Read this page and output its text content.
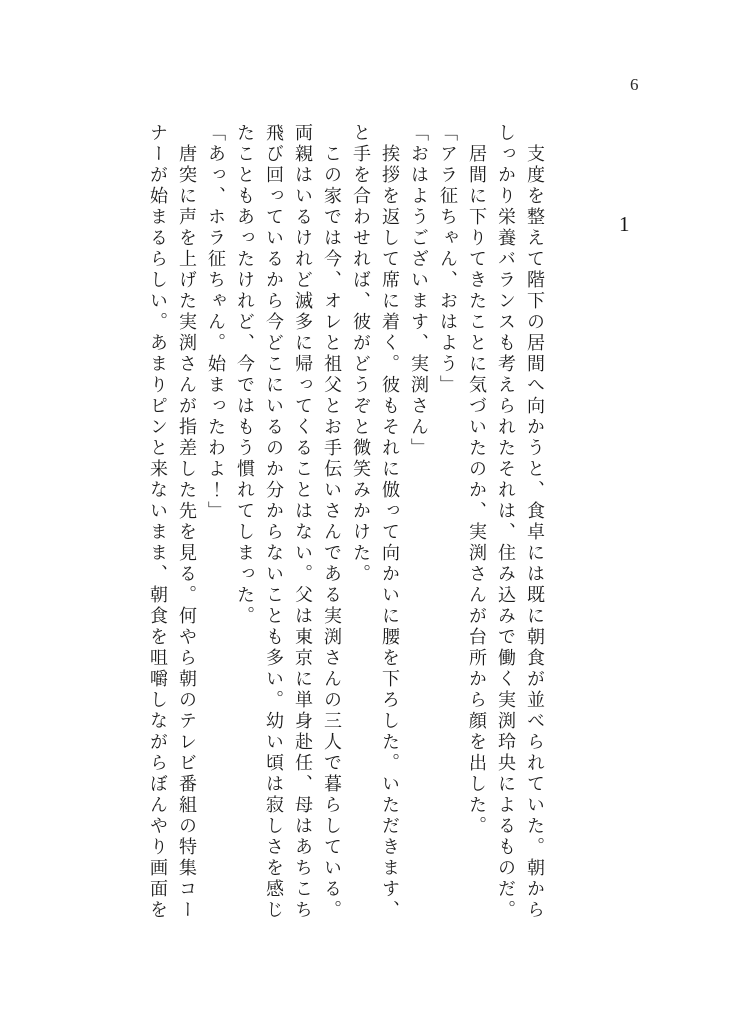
6
1
　支度を整えて階下の居間へ向かうと、食卓には既に朝食が並べられていた。朝から
しっかり栄養バランスも考えられたそれは、住み込みで働く実渕玲央によるものだ。
　居間に下りてきたことに気づいたのか、実渕さんが台所から顔を出した。
「アラ征ちゃん、おはよう」
「おはようございます、実渕さん」
　挨拶を返して席に着く。彼もそれに倣って向かいに腰を下ろした。いただきます、
と手を合わせれば、彼がどうぞと微笑みかけた。
　この家では今、オレと祖父とお手伝いさんである実渕さんの三人で暮らしている。
両親はいるけれど滅多に帰ってくることはない。父は東京に単身赴任、母はあちこち
飛び回っているから今どこにいるのか分からないことも多い。幼い頃は寂しさを感じ
たこともあったけれど、今ではもう慣れてしまった。
「あっ、ホラ征ちゃん。始まったわよ！」
　唐突に声を上げた実渕さんが指差した先を見る。何やら朝のテレビ番組の特集コー
ナーが始まるらしい。あまりピンと来ないまま、朝食を咀嚼しながらぼんやり画面を
